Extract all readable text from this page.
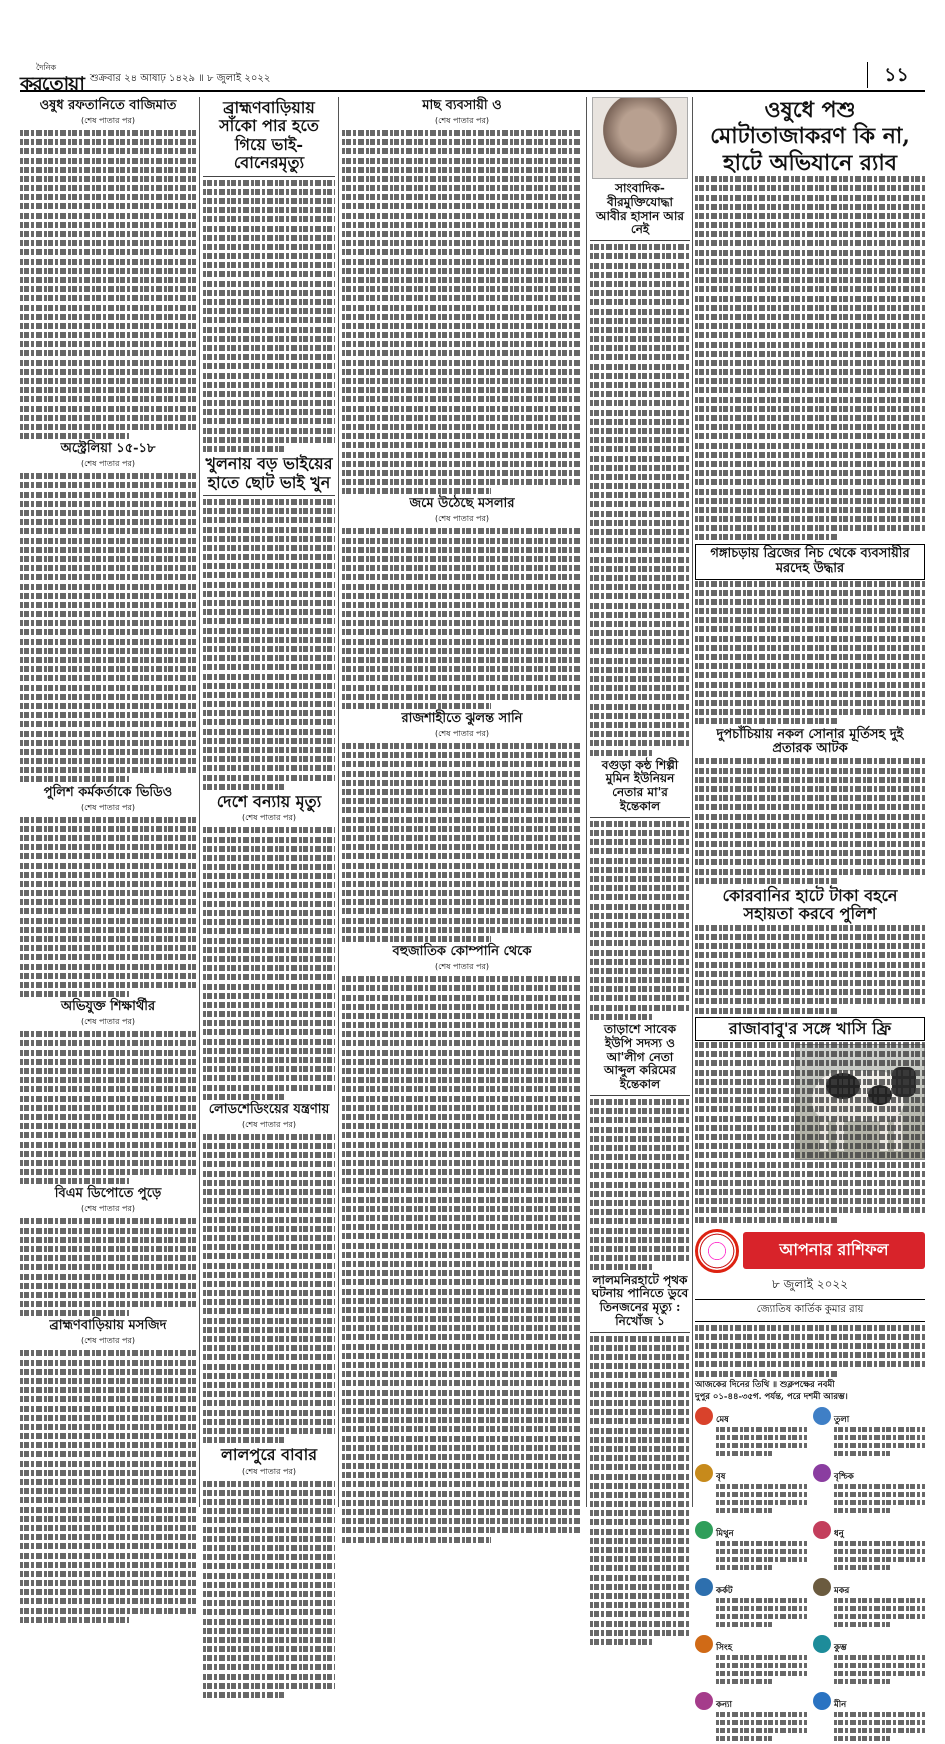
দৈনিক
করতোয়া শুক্রবার ২৪ আষাঢ় ১৪২৯ ॥ ৮ জুলাই ২০২২	১১
ওষুধ রফতানিতে বাজিমাত
(শেষ পাতার পর)
অস্ট্রেলিয়া ১৫-১৮
(শেষ পাতার পর)
পুলিশ কর্মকর্তাকে ভিডিও
(শেষ পাতার পর)
অভিযুক্ত শিক্ষার্থীর
(শেষ পাতার পর)
বিএম ডিপোতে পুড়ে
(শেষ পাতার পর)
ব্রাহ্মণবাড়িয়ায় মসজিদ
(শেষ পাতার পর)
ব্রাহ্মণবাড়িয়ায় সাঁকো পার হতে গিয়ে ভাই-বোনেরমৃত্যু
খুলনায় বড় ভাইয়ের হাতে ছোট ভাই খুন
দেশে বন্যায় মৃত্যু
(শেষ পাতার পর)
লোডশেডিংয়ের যন্ত্রণায়
(শেষ পাতার পর)
লালপুরে বাবার
(শেষ পাতার পর)
মাছ ব্যবসায়ী ও
(শেষ পাতার পর)
জমে উঠেছে মসলার
(শেষ পাতার পর)
রাজশাহীতে ঝুলন্ত সানি
(শেষ পাতার পর)
বহুজাতিক কোম্পানি থেকে
(শেষ পাতার পর)
সাংবাদিক-বীরমুক্তিযোদ্ধা আবীর হাসান আর নেই
বগুড়া কন্ঠ শিল্পী মুমিন ইউনিয়ন নেতার মা'র ইন্তেকাল
তাড়াশে সাবেক ইউপি সদস্য ও আ'লীগ নেতা আব্দুল করিমের ইন্তেকাল
লালমনিরহাটে পৃথক ঘটনায় পানিতে ডুবে তিনজনের মৃত্যু : নিখোঁজ ১
ওষুধে পশু মোটাতাজাকরণ কি না, হাটে অভিযানে র‍্যাব
গঙ্গাচড়ায় ব্রিজের নিচ থেকে ব্যবসায়ীর মরদেহ উদ্ধার
দুপচাঁচিয়ায় নকল সোনার মূর্তিসহ দুই প্রতারক আটক
কোরবানির হাটে টাকা বহনে সহায়তা করবে পুলিশ
রাজাবাবু'র সঙ্গে খাসি ফ্রি
আপনার রাশিফল
৮ জুলাই ২০২২
জ্যোতিষ কার্তিক কুমার রায়
আজকের দিনের তিথি ॥ শুক্লপক্ষের নবমী
দুপুর ০১-৪৪-৩৫গ. পর্যন্ত, পরে দশমী আরম্ভ।
মেষ	তুলা
বৃষ	বৃশ্চিক
মিথুন	ধনু
কর্কট	মকর
সিংহ	কুম্ভ
কন্যা	মীন
